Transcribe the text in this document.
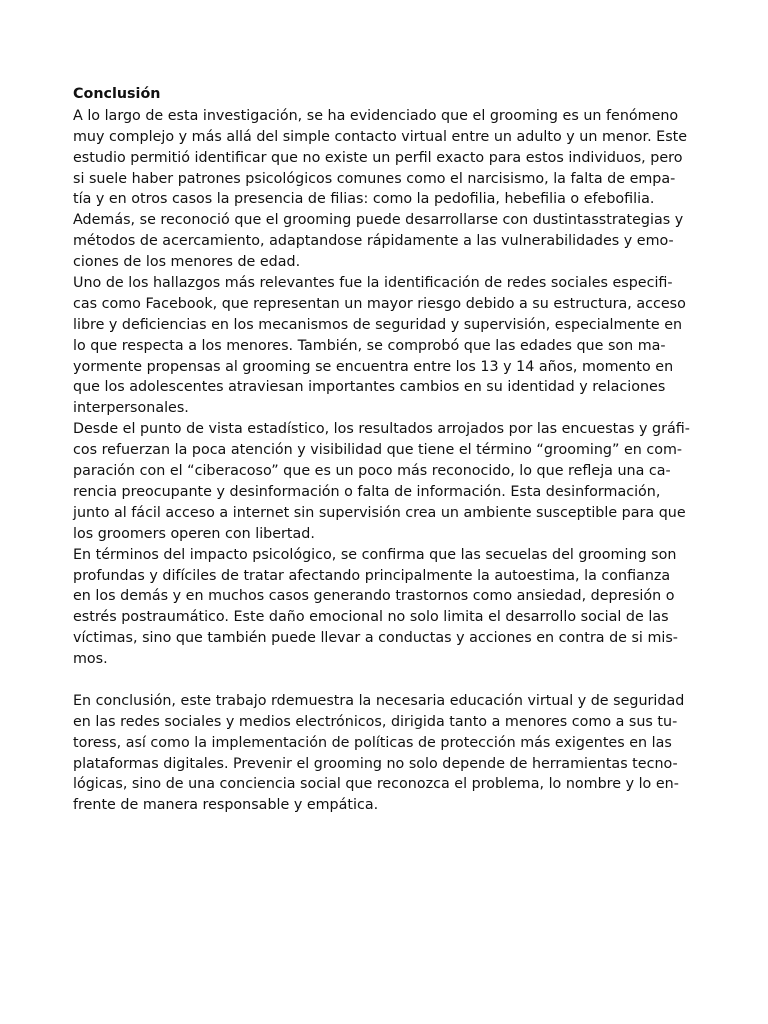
Conclusión
A lo largo de esta investigación, se ha evidenciado que el grooming es un fenómeno
muy complejo y más allá del simple contacto virtual entre un adulto y un menor. Este
estudio permitió identificar que no existe un perfil exacto para estos individuos, pero
si suele haber patrones psicológicos comunes como el narcisismo, la falta de empa-
tía y en otros casos la presencia de filias: como la pedofilia, hebefilia o efebofilia.
Además, se reconoció que el grooming puede desarrollarse con dustintasstrategias y
métodos de acercamiento, adaptandose rápidamente a las vulnerabilidades y emo-
ciones de los menores de edad.
Uno de los hallazgos más relevantes fue la identificación de redes sociales especifi-
cas como Facebook, que representan un mayor riesgo debido a su estructura, acceso
libre y deficiencias en los mecanismos de seguridad y supervisión, especialmente en
lo que respecta a los menores. También, se comprobó que las edades que son ma-
yormente propensas al grooming se encuentra entre los 13 y 14 años, momento en
que los adolescentes atraviesan importantes cambios en su identidad y relaciones
interpersonales.
Desde el punto de vista estadístico, los resultados arrojados por las encuestas y gráfi-
cos refuerzan la poca atención y visibilidad que tiene el término “grooming” en com-
paración con el “ciberacoso” que es un poco más reconocido, lo que refleja una ca-
rencia preocupante y desinformación o falta de información. Esta desinformación,
junto al fácil acceso a internet sin supervisión crea un ambiente susceptible para que
los groomers operen con libertad.
En términos del impacto psicológico, se confirma que las secuelas del grooming son
profundas y difíciles de tratar afectando principalmente la autoestima, la confianza
en los demás y en muchos casos generando trastornos como ansiedad, depresión o
estrés postraumático. Este daño emocional no solo limita el desarrollo social de las
víctimas, sino que también puede llevar a conductas y acciones en contra de si mis-
mos.
En conclusión, este trabajo rdemuestra la necesaria educación virtual y de seguridad
en las redes sociales y medios electrónicos, dirigida tanto a menores como a sus tu-
toress, así como la implementación de políticas de protección más exigentes en las
plataformas digitales. Prevenir el grooming no solo depende de herramientas tecno-
lógicas, sino de una conciencia social que reconozca el problema, lo nombre y lo en-
frente de manera responsable y empática.
